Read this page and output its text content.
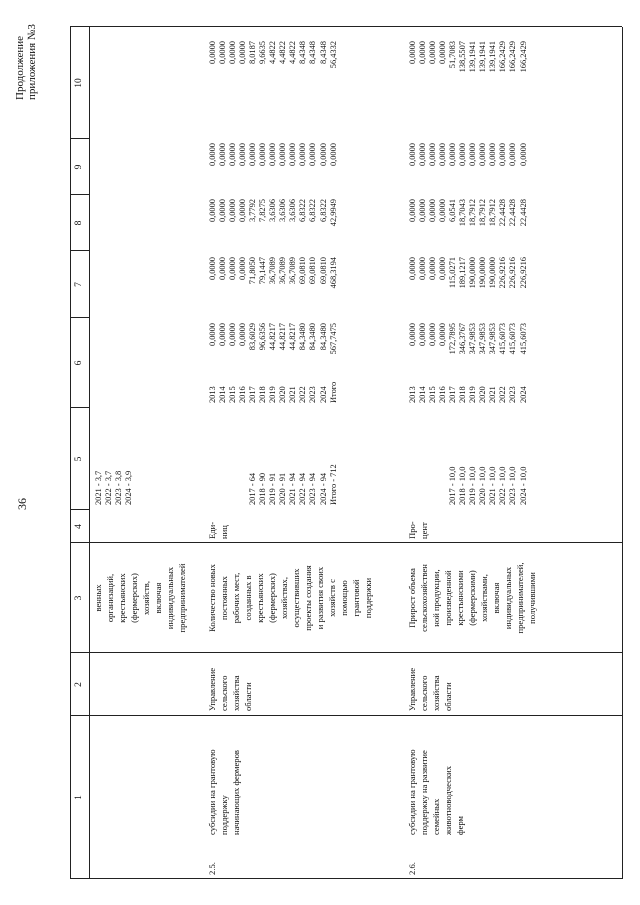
36
Продолжение приложения №3
1
2
3
4
5
6
7
8
9
10
венных организаций, крестьянских (фермерских) хозяйств, включая индивидуальных предпринимателей
2021 - 3,7 2022 - 3,7 2023 - 3,8 2024 - 3,9
2.5.
субсидии на грантовую поддержку начинающих фермеров
Управление сельского хозяйства области
Количество новых постоянных рабочих мест, созданных в крестьянских (фермерских) хозяйствах, осуществивших проекты создания и развития своих хозяйств с помощью грантовой поддержки
Еди- ниц

2017 - 64 2018 - 90 2019 - 91 2020 - 91 2021 - 94 2022 - 94 2023 - 94 2024 - 94 Итого - 712
2013 2014 2015 2016 2017 2018 2019 2020 2021 2022 2023 2024 Итого
0,0000 0,0000 0,0000 0,0000 83,6029 96,6356 44,8217 44,8217 44,8217 84,3480 84,3480 84,3480 567,7475
0,0000 0,0000 0,0000 0,0000 71,8050 79,1447 36,7089 36,7089 36,7089 69,0810 69,0810 69,0810 468,3194
0,0000 0,0000 0,0000 0,0000 3,7792 7,8275 3,6306 3,6306 3,6306 6,8322 6,8322 6,8322 42,9949
0,0000 0,0000 0,0000 0,0000 0,0000 0,0000 0,0000 0,0000 0,0000 0,0000 0,0000 0,0000 0,0000
0,0000 0,0000 0,0000 0,0000 8,0187 9,6635 4,4822 4,4822 4,4822 8,4348 8,4348 8,4348 56,4332
2.6.
субсидии на грантовую поддержку на развитие семейных животноводческих ферм
Управление сельского хозяйства области
Прирост объема сельскохозяйствен ной продукции, произведенной крестьянскими (фермерскими) хозяйствами, включая индивидуальных предпринимателей, получившими
Про- цент

2017 - 10,0 2018 - 10,0 2019 - 10,0 2020 - 10,0 2021 - 10,0 2022 - 10,0 2023 - 10,0 2024 - 10,0
2013 2014 2015 2016 2017 2018 2019 2020 2021 2022 2023 2024
0,0000 0,0000 0,0000 0,0000 172,7895 346,3767 347,9853 347,9853 347,9853 415,6073 415,6073 415,6073
0,0000 0,0000 0,0000 0,0000 115,0271 189,1217 190,0000 190,0000 190,0000 226,9216 226,9216 226,9216
0,0000 0,0000 0,0000 0,0000 6,0541 18,7043 18,7912 18,7912 18,7912 22,4428 22,4428 22,4428
0,0000 0,0000 0,0000 0,0000 0,0000 0,0000 0,0000 0,0000 0,0000 0,0000 0,0000 0,0000
0,0000 0,0000 0,0000 0,0000 51,7083 138,5507 139,1941 139,1941 139,1941 166,2429 166,2429 166,2429
